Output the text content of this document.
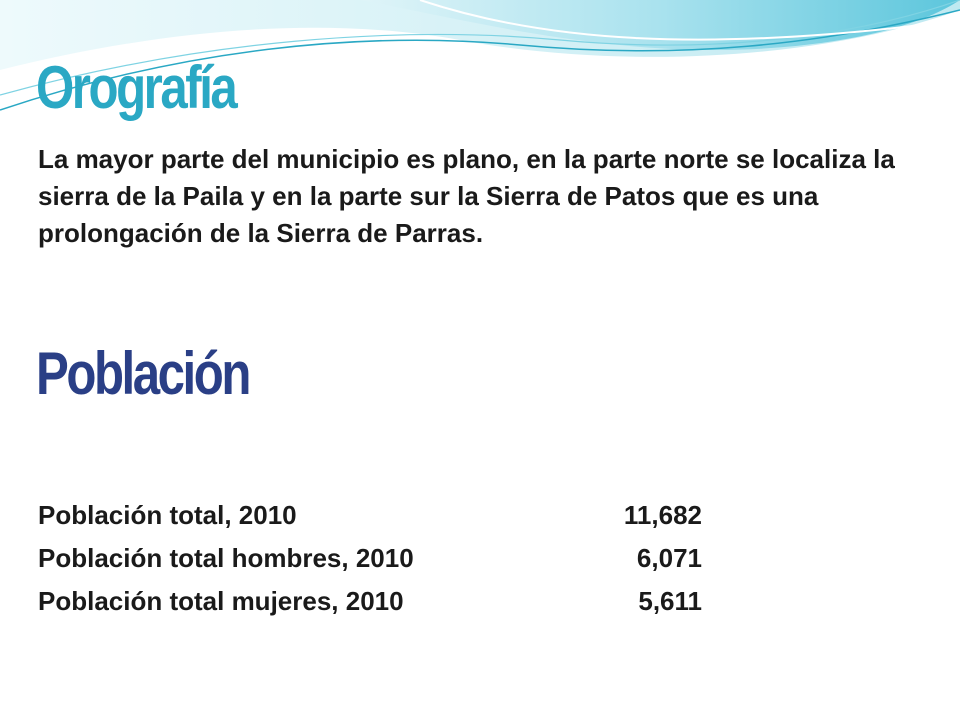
Orografía

La mayor parte del municipio es plano, en la parte norte se localiza la sierra de la Paila y en la parte sur la Sierra de Patos que es una prolongación de la Sierra de Parras.

Población
Población total, 2010	11,682
Población total hombres, 2010	6,071
Población total mujeres, 2010	5,611
